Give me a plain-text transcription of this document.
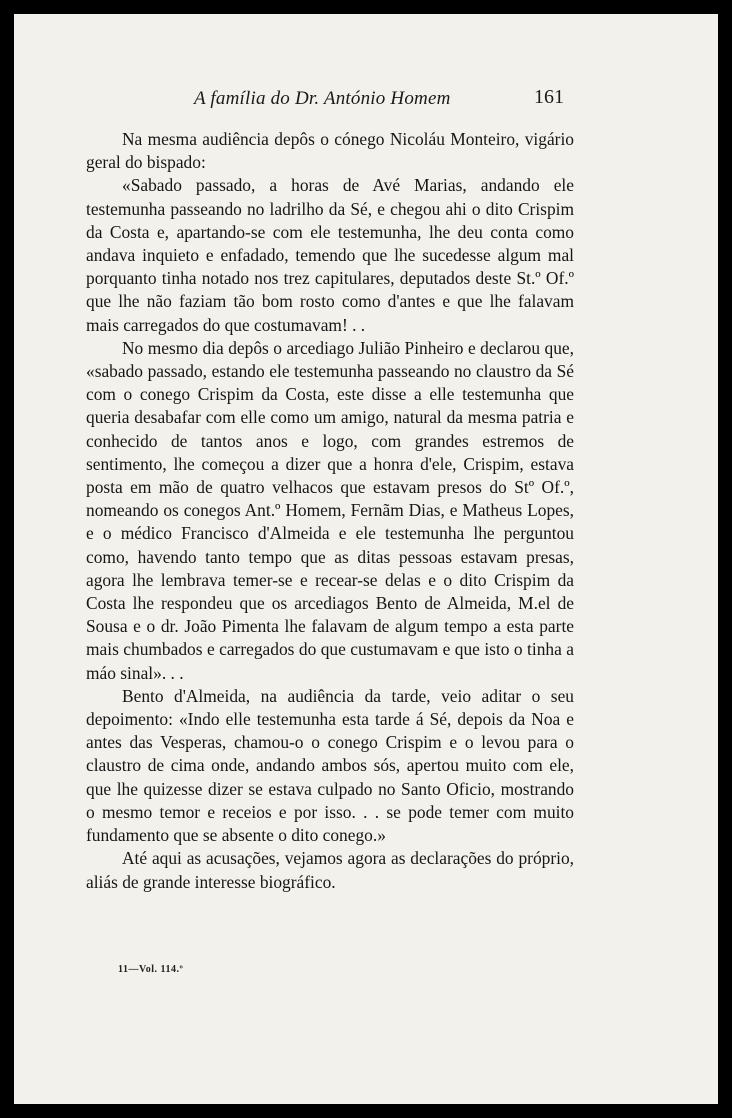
A família do Dr. António Homem	161

Na mesma audiência depôs o cónego Nicoláu Monteiro, vigário geral do bispado:

«Sabado passado, a horas de Avé Marias, andando ele testemunha passeando no ladrilho da Sé, e chegou ahi o dito Crispim da Costa e, apartando-se com ele testemunha, lhe deu conta como andava inquieto e enfadado, temendo que lhe sucedesse algum mal porquanto tinha notado nos trez capitulares, deputados deste St.º Of.º que lhe não faziam tão bom rosto como d'antes e que lhe falavam mais carregados do que costumavam! . .

No mesmo dia depôs o arcediago Julião Pinheiro e declarou que, «sabado passado, estando ele testemunha passeando no claustro da Sé com o conego Crispim da Costa, este disse a elle testemunha que queria desabafar com elle como um amigo, natural da mesma patria e conhecido de tantos anos e logo, com grandes estremos de sentimento, lhe começou a dizer que a honra d'ele, Crispim, estava posta em mão de quatro velhacos que estavam presos do Stº Of.º, nomeando os conegos Ant.º Homem, Fernãm Dias, e Matheus Lopes, e o médico Francisco d'Almeida e ele testemunha lhe perguntou como, havendo tanto tempo que as ditas pessoas estavam presas, agora lhe lembrava temer-se e recear-se delas e o dito Crispim da Costa lhe respondeu que os arcediagos Bento de Almeida, M.el de Sousa e o dr. João Pimenta lhe falavam de algum tempo a esta parte mais chumbados e carregados do que custumavam e que isto o tinha a máo sinal». . .

Bento d'Almeida, na audiência da tarde, veio aditar o seu depoimento: «Indo elle testemunha esta tarde á Sé, depois da Noa e antes das Vesperas, chamou-o o conego Crispim e o levou para o claustro de cima onde, andando ambos sós, apertou muito com ele, que lhe quizesse dizer se estava culpado no Santo Oficio, mostrando o mesmo temor e receios e por isso. . . se pode temer com muito fundamento que se absente o dito conego.»

Até aqui as acusações, vejamos agora as declarações do próprio, aliás de grande interesse biográfico.

11—Vol. 114.º
